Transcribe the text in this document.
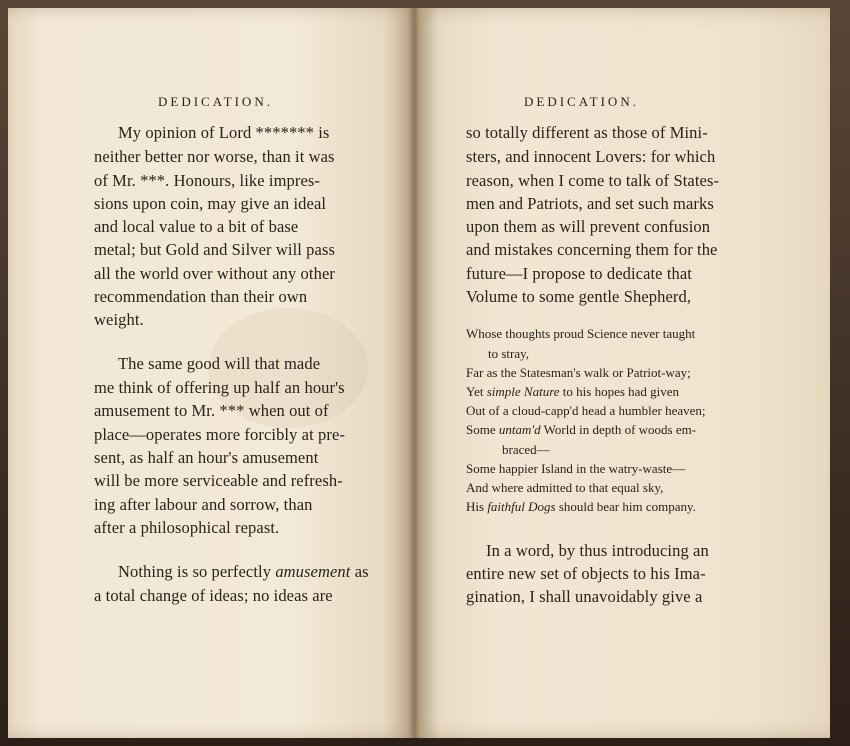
DEDICATION.
My opinion of Lord ******* is
neither better nor worse, than it was
of Mr. ***. Honours, like impres-
sions upon coin, may give an ideal
and local value to a bit of base
metal; but Gold and Silver will pass
all the world over without any other
recommendation than their own
weight.
The same good will that made
me think of offering up half an hour's
amusement to Mr. *** when out of
place—operates more forcibly at pre-
sent, as half an hour's amusement
will be more serviceable and refresh-
ing after labour and sorrow, than
after a philosophical repast.
Nothing is so perfectly amusement as
a total change of ideas; no ideas are
DEDICATION.
so totally different as those of Mini-
sters, and innocent Lovers: for which
reason, when I come to talk of States-
men and Patriots, and set such marks
upon them as will prevent confusion
and mistakes concerning them for the
future—I propose to dedicate that
Volume to some gentle Shepherd,
Whose thoughts proud Science never taught
to stray,
Far as the Statesman's walk or Patriot-way;
Yet simple Nature to his hopes had given
Out of a cloud-capp'd head a humbler heaven;
Some untam'd World in depth of woods em-
braced—
Some happier Island in the watry-waste—
And where admitted to that equal sky,
His faithful Dogs should bear him company.
In a word, by thus introducing an
entire new set of objects to his Ima-
gination, I shall unavoidably give a
